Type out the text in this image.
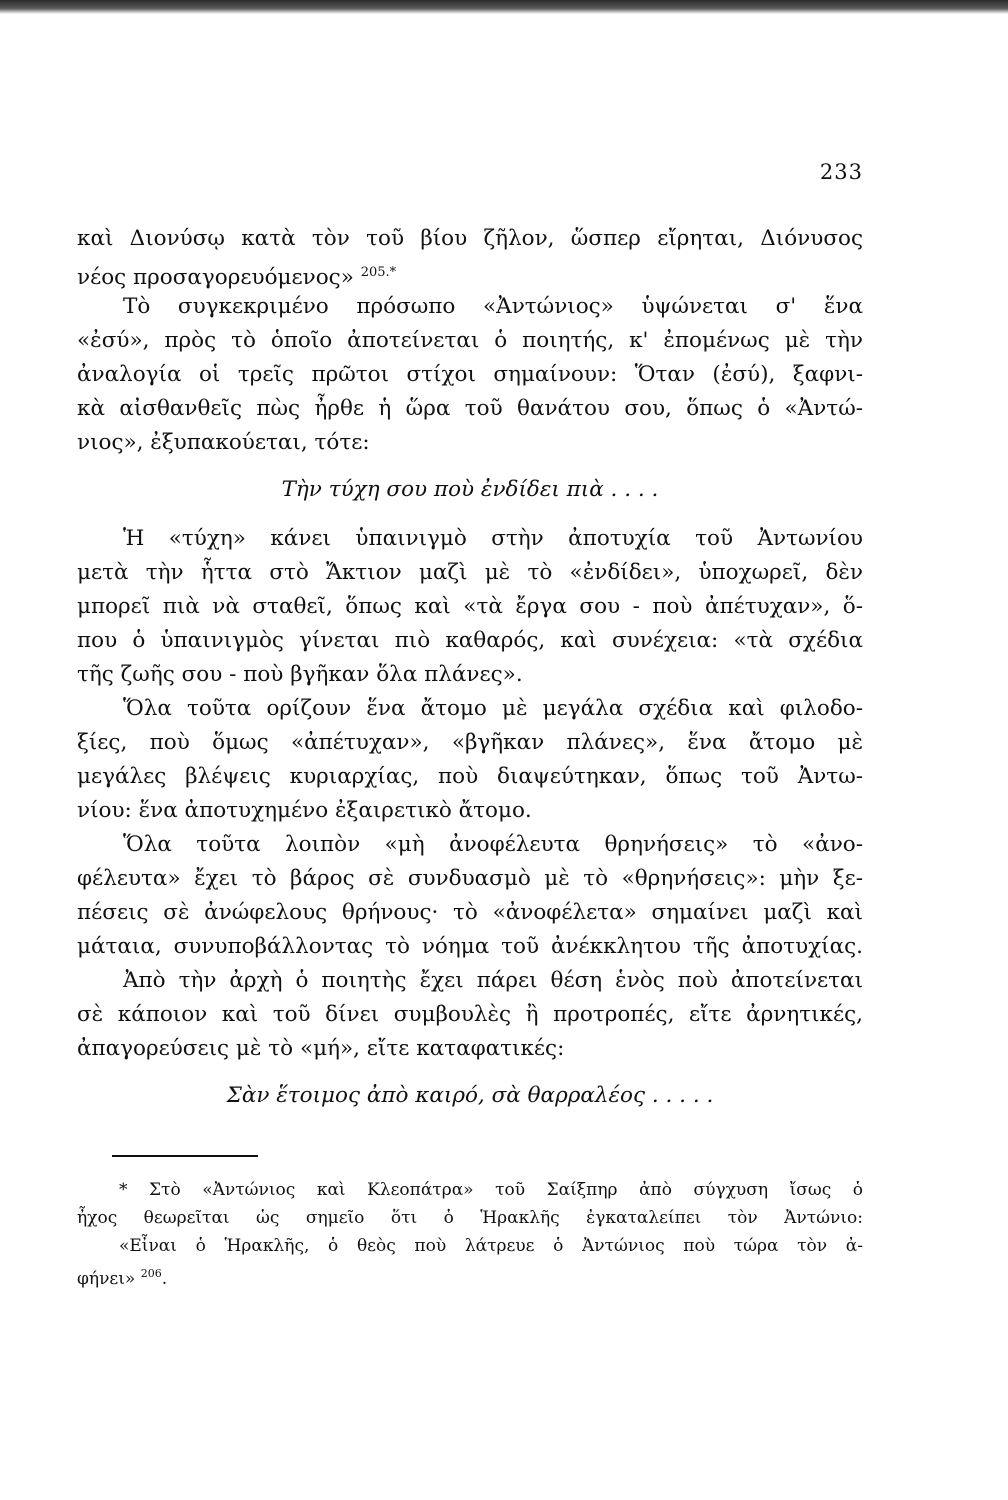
233
καὶ Διονύσῳ κατὰ τὸν τοῦ βίου ζῆλον, ὥσπερ εἴρηται, Διόνυσος
νέος προσαγορευόμενος» $^{205.*}$
Τὸ συγκεκριμένο πρόσωπο «Ἀντώνιος» ὑψώνεται σ' ἕνα
«ἐσύ», πρὸς τὸ ὁποῖο ἀποτείνεται ὁ ποιητής, κ' ἐπομένως μὲ τὴν
ἀναλογία οἱ τρεῖς πρῶτοι στίχοι σημαίνουν: Ὅταν (ἐσύ), ξαφνι-
κὰ αἰσθανθεῖς πὼς ἦρθε ἡ ὥρα τοῦ θανάτου σου, ὅπως ὁ «Ἀντώ-
νιος», ἐξυπακούεται, τότε:
Τὴν τύχη σου ποὺ ἐνδίδει πιὰ . . . .
Ἡ «τύχη» κάνει ὑπαινιγμὸ στὴν ἀποτυχία τοῦ Ἀντωνίου
μετὰ τὴν ἧττα στὸ Ἄκτιον μαζὶ μὲ τὸ «ἐνδίδει», ὑποχωρεῖ, δὲν
μπορεῖ πιὰ νὰ σταθεῖ, ὅπως καὶ «τὰ ἔργα σου - ποὺ ἀπέτυχαν», ὅ-
που ὁ ὑπαινιγμὸς γίνεται πιὸ καθαρός, καὶ συνέχεια: «τὰ σχέδια
τῆς ζωῆς σου - ποὺ βγῆκαν ὅλα πλάνες».
Ὅλα τοῦτα ορίζουν ἕνα ἄτομο μὲ μεγάλα σχέδια καὶ φιλοδο-
ξίες, ποὺ ὅμως «ἀπέτυχαν», «βγῆκαν πλάνες», ἕνα ἄτομο μὲ
μεγάλες βλέψεις κυριαρχίας, ποὺ διαψεύτηκαν, ὅπως τοῦ Ἀντω-
νίου: ἕνα ἀποτυχημένο ἐξαιρετικὸ ἄτομο.
Ὅλα τοῦτα λοιπὸν «μὴ ἀνοφέλευτα θρηνήσεις» τὸ «ἀνο-
φέλευτα» ἔχει τὸ βάρος σὲ συνδυασμὸ μὲ τὸ «θρηνήσεις»: μὴν ξε-
πέσεις σὲ ἀνώφελους θρήνους· τὸ «ἀνοφέλετα» σημαίνει μαζὶ καὶ
μάταια, συνυποβάλλοντας τὸ νόημα τοῦ ἀνέκκλητου τῆς ἀποτυχίας.
Ἀπὸ τὴν ἀρχὴ ὁ ποιητὴς ἔχει πάρει θέση ἑνὸς ποὺ ἀποτείνεται
σὲ κάποιον καὶ τοῦ δίνει συμβουλὲς ἢ προτροπές, εἴτε ἀρνητικές,
ἀπαγορεύσεις μὲ τὸ «μή», εἴτε καταφατικές:
Σὰν ἕτοιμος ἀπὸ καιρό, σὰ θαρραλέος . . . . .
* Στὸ «Ἀντώνιος καὶ Κλεοπάτρα» τοῦ Σαίξπηρ ἀπὸ σύγχυση ἴσως ὁ
ἦχος θεωρεῖται ὡς σημεῖο ὅτι ὁ Ἡρακλῆς ἐγκαταλείπει τὸν Ἀντώνιο:
«Εἶναι ὁ Ἡρακλῆς, ὁ θεὸς ποὺ λάτρευε ὁ Ἀντώνιος ποὺ τώρα τὸν ἀ-
φήνει» $^{206}$.
